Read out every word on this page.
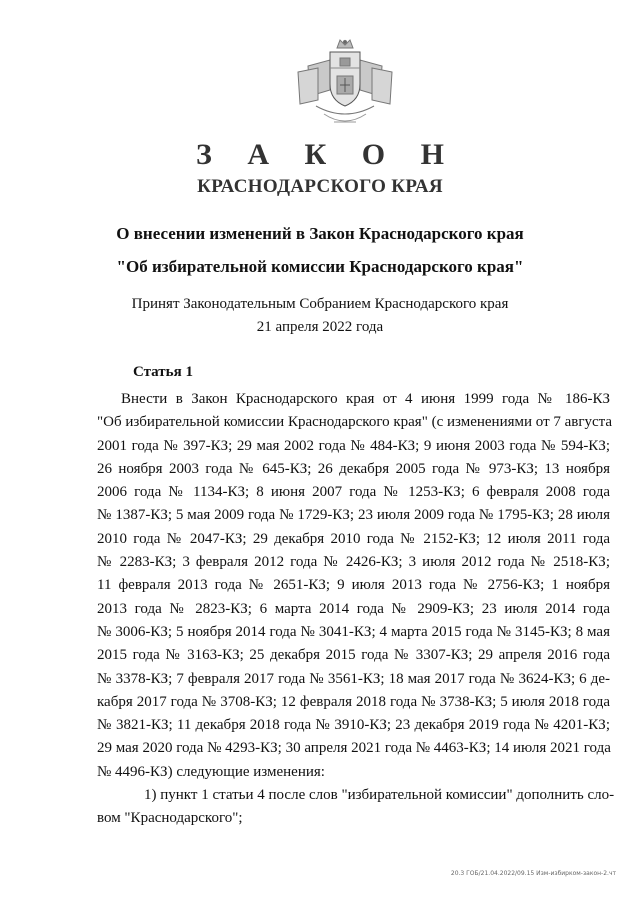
З А К О Н
КРАСНОДАРСКОГО КРАЯ
О внесении изменений в Закон Краснодарского края
"Об избирательной комиссии Краснодарского края"
Принят Законодательным Собранием Краснодарского края
21 апреля 2022 года
Статья 1
Внести в Закон Краснодарского края от 4 июня 1999 года № 186-КЗ
"Об избирательной комиссии Краснодарского края" (с изменениями от 7 августа
2001 года № 397-КЗ; 29 мая 2002 года № 484-КЗ; 9 июня 2003 года № 594-КЗ;
26 ноября 2003 года № 645-КЗ; 26 декабря 2005 года № 973-КЗ; 13 ноября
2006 года № 1134-КЗ; 8 июня 2007 года № 1253-КЗ; 6 февраля 2008 года
№ 1387-КЗ; 5 мая 2009 года № 1729-КЗ; 23 июля 2009 года № 1795-КЗ; 28 июля
2010 года № 2047-КЗ; 29 декабря 2010 года № 2152-КЗ; 12 июля 2011 года
№ 2283-КЗ; 3 февраля 2012 года № 2426-КЗ; 3 июля 2012 года № 2518-КЗ;
11 февраля 2013 года № 2651-КЗ; 9 июля 2013 года № 2756-КЗ; 1 ноября
2013 года № 2823-КЗ; 6 марта 2014 года № 2909-КЗ; 23 июля 2014 года
№ 3006-КЗ; 5 ноября 2014 года № 3041-КЗ; 4 марта 2015 года № 3145-КЗ; 8 мая
2015 года № 3163-КЗ; 25 декабря 2015 года № 3307-КЗ; 29 апреля 2016 года
№ 3378-КЗ; 7 февраля 2017 года № 3561-КЗ; 18 мая 2017 года № 3624-КЗ; 6 де-
кабря 2017 года № 3708-КЗ; 12 февраля 2018 года № 3738-КЗ; 5 июля 2018 года
№ 3821-КЗ; 11 декабря 2018 года № 3910-КЗ; 23 декабря 2019 года № 4201-КЗ;
29 мая 2020 года № 4293-КЗ; 30 апреля 2021 года № 4463-КЗ; 14 июля 2021 года
№ 4496-КЗ) следующие изменения:
1) пункт 1 статьи 4 после слов "избирательной комиссии" дополнить сло-
вом "Краснодарского";
20.3 ГОБ/21.04.2022/09.15 Изм-избирком-закон-2.чт
